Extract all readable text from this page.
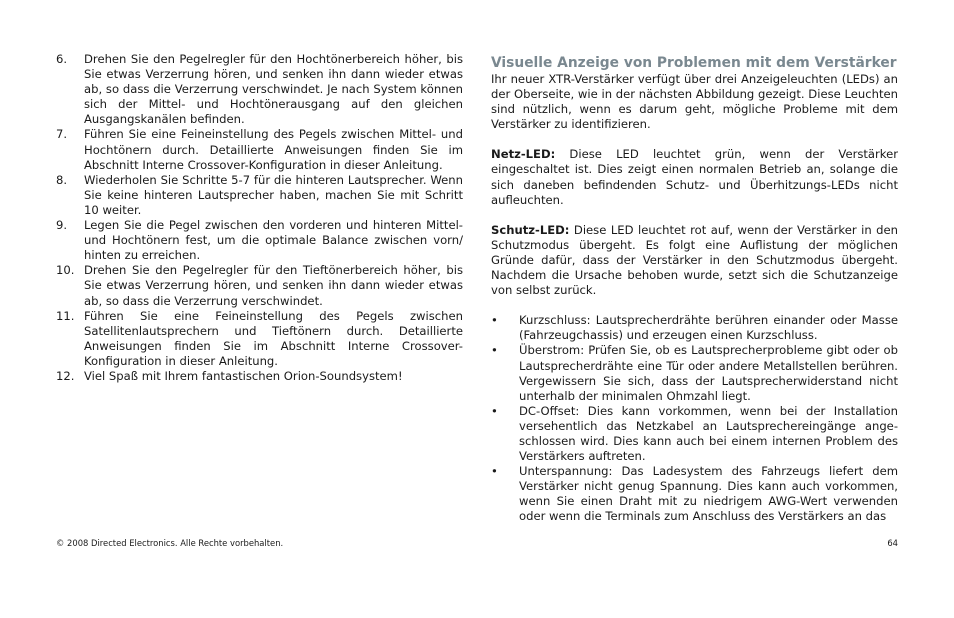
6.	Drehen Sie den Pegelregler für den Hochtönerbereich höher, bis Sie etwas Verzerrung hören, und senken ihn dann wieder etwas ab, so dass die Verzerrung verschwindet. Je nach System können sich der Mittel- und Hochtönerausgang auf den gleichen Ausgangskanälen befinden.
7.	Führen Sie eine Feineinstellung des Pegels zwischen Mittel- und Hochtönern durch. Detaillierte Anweisungen finden Sie im Abschnitt Interne Crossover-Konfiguration in dieser Anleitung.
8.	Wiederholen Sie Schritte 5-7 für die hinteren Lautsprecher. Wenn Sie keine hinteren Lautsprecher haben, machen Sie mit Schritt 10 weiter.
9.	Legen Sie die Pegel zwischen den vorderen und hinteren Mittel- und Hochtönern fest, um die optimale Balance zwischen vorn/ hinten zu erreichen.
10. Drehen Sie den Pegelregler für den Tieftönerbereich höher, bis Sie etwas Verzerrung hören, und senken ihn dann wieder etwas ab, so dass die Verzerrung verschwindet.
11. Führen Sie eine Feineinstellung des Pegels zwischen Satellitenlautsprechern und Tieftönern durch. Detaillierte Anweisungen finden Sie im Abschnitt Interne Crossover-Konfiguration in dieser Anleitung.
12. Viel Spaß mit Ihrem fantastischen Orion-Soundsystem!
Visuelle Anzeige von Problemen mit dem Verstärker

Ihr neuer XTR-Verstärker verfügt über drei Anzeigeleuchten (LEDs) an der Oberseite, wie in der nächsten Abbildung gezeigt. Diese Leuchten sind nützlich, wenn es darum geht, mögliche Probleme mit dem Verstärker zu identifizieren.

Netz-LED: Diese LED leuchtet grün, wenn der Verstärker eingeschaltet ist. Dies zeigt einen normalen Betrieb an, solange die sich daneben befindenden Schutz- und Überhitzungs-LEDs nicht aufleuchten.

Schutz-LED: Diese LED leuchtet rot auf, wenn der Verstärker in den Schutzmodus übergeht. Es folgt eine Auflistung der möglichen Gründe dafür, dass der Verstärker in den Schutzmodus übergeht. Nachdem die Ursache behoben wurde, setzt sich die Schutzanzeige von selbst zurück.

•	Kurzschluss: Lautsprecherdrähte berühren einander oder Masse (Fahrzeugchassis) und erzeugen einen Kurzschluss.
•	Überstrom: Prüfen Sie, ob es Lautsprecherprobleme gibt oder ob Lautsprecherdrähte eine Tür oder andere Metallstellen berühren. Vergewissern Sie sich, dass der Lautsprecherwiderstand nicht unterhalb der minimalen Ohmzahl liegt.
•	DC-Offset: Dies kann vorkommen, wenn bei der Installation versehentlich das Netzkabel an Lautsprechereingänge ange-schlossen wird. Dies kann auch bei einem internen Problem des Verstärkers auftreten.
•	Unterspannung: Das Ladesystem des Fahrzeugs liefert dem Verstärker nicht genug Spannung. Dies kann auch vorkommen, wenn Sie einen Draht mit zu niedrigem AWG-Wert verwenden oder wenn die Terminals zum Anschluss des Verstärkers an das
© 2008 Directed Electronics. Alle Rechte vorbehalten.	64
